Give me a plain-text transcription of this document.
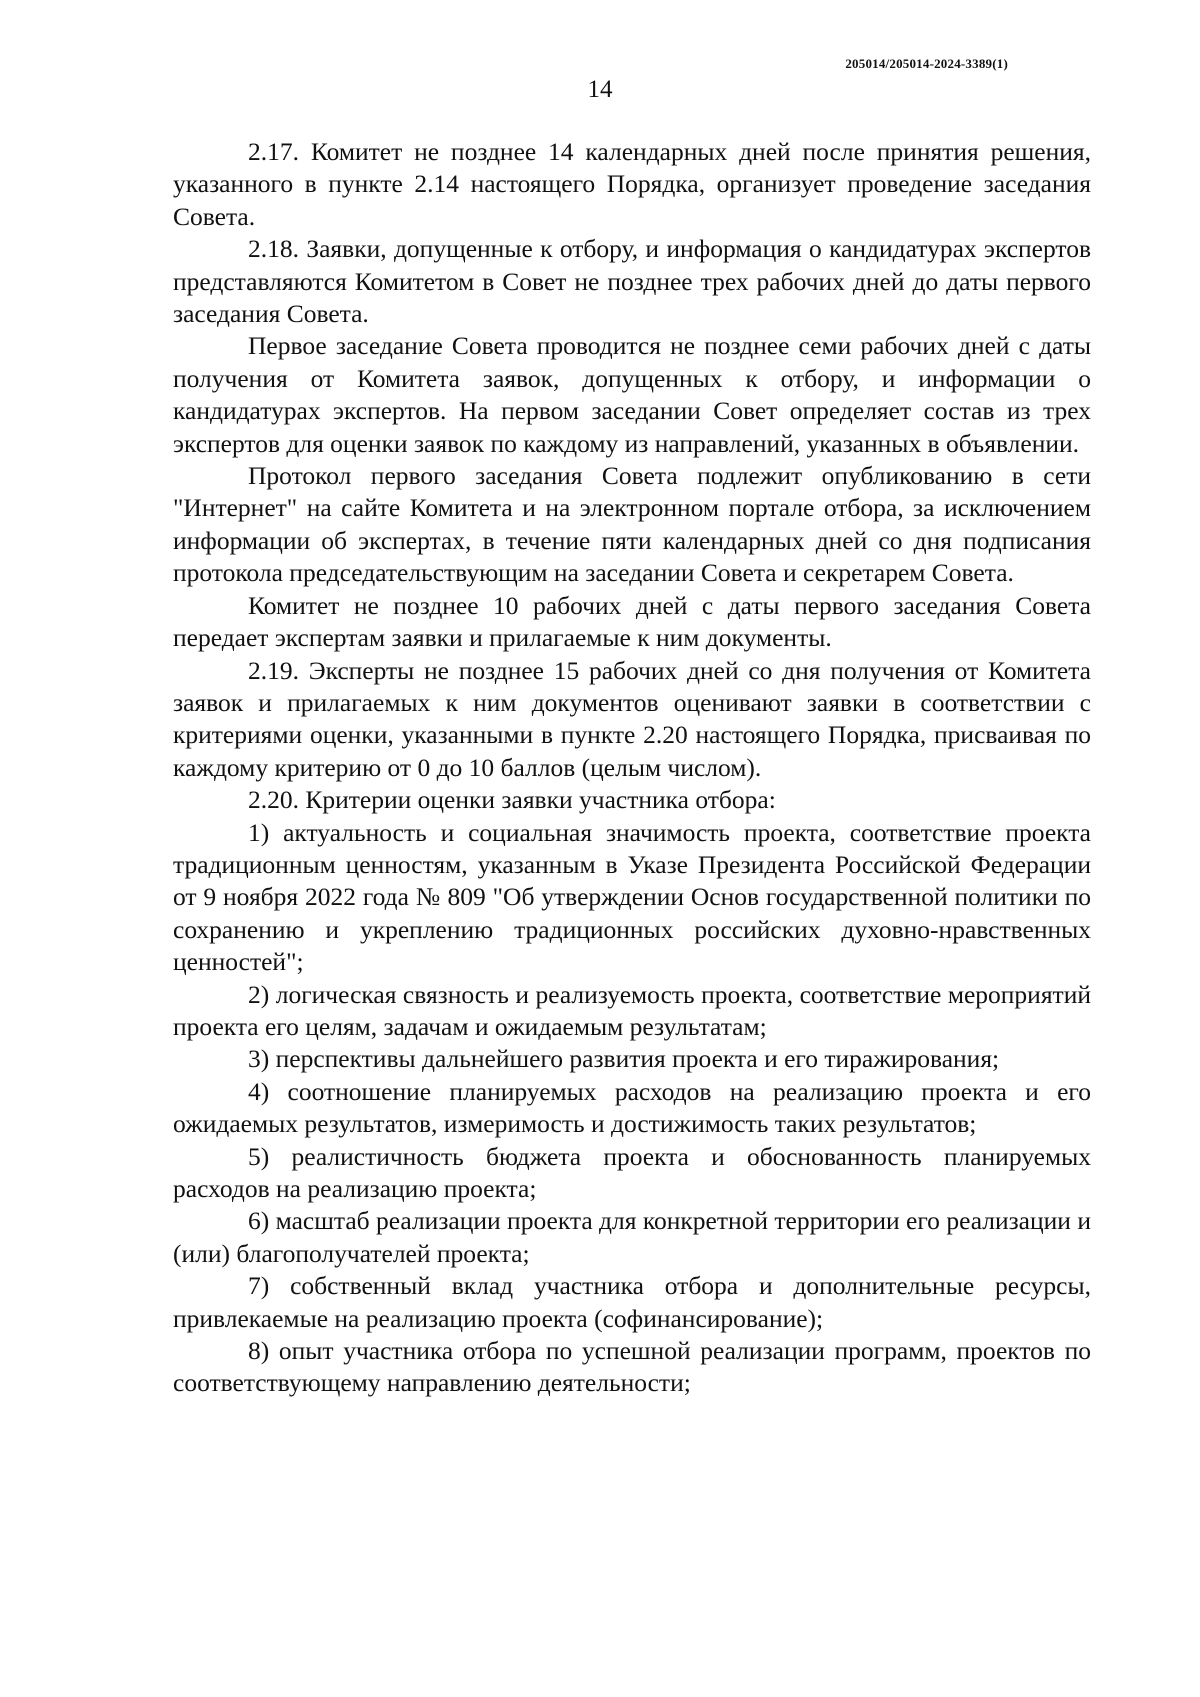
205014/205014-2024-3389(1)
14

2.17. Комитет не позднее 14 календарных дней после принятия решения, указанного в пункте 2.14 настоящего Порядка, организует проведение заседания Совета.

2.18. Заявки, допущенные к отбору, и информация о кандидатурах экспертов представляются Комитетом в Совет не позднее трех рабочих дней до даты первого заседания Совета.

Первое заседание Совета проводится не позднее семи рабочих дней с даты получения от Комитета заявок, допущенных к отбору, и информации о кандидатурах экспертов. На первом заседании Совет определяет состав из трех экспертов для оценки заявок по каждому из направлений, указанных в объявлении.

Протокол первого заседания Совета подлежит опубликованию в сети "Интернет" на сайте Комитета и на электронном портале отбора, за исключением информации об экспертах, в течение пяти календарных дней со дня подписания протокола председательствующим на заседании Совета и секретарем Совета.

Комитет не позднее 10 рабочих дней с даты первого заседания Совета передает экспертам заявки и прилагаемые к ним документы.

2.19. Эксперты не позднее 15 рабочих дней со дня получения от Комитета заявок и прилагаемых к ним документов оценивают заявки в соответствии с критериями оценки, указанными в пункте 2.20 настоящего Порядка, присваивая по каждому критерию от 0 до 10 баллов (целым числом).

2.20. Критерии оценки заявки участника отбора:

1) актуальность и социальная значимость проекта, соответствие проекта традиционным ценностям, указанным в Указе Президента Российской Федерации от 9 ноября 2022 года № 809 "Об утверждении Основ государственной политики по сохранению и укреплению традиционных российских духовно-нравственных ценностей";

2) логическая связность и реализуемость проекта, соответствие мероприятий проекта его целям, задачам и ожидаемым результатам;

3) перспективы дальнейшего развития проекта и его тиражирования;

4) соотношение планируемых расходов на реализацию проекта и его ожидаемых результатов, измеримость и достижимость таких результатов;

5) реалистичность бюджета проекта и обоснованность планируемых расходов на реализацию проекта;

6) масштаб реализации проекта для конкретной территории его реализации и (или) благополучателей проекта;

7) собственный вклад участника отбора и дополнительные ресурсы, привлекаемые на реализацию проекта (софинансирование);

8) опыт участника отбора по успешной реализации программ, проектов по соответствующему направлению деятельности;
